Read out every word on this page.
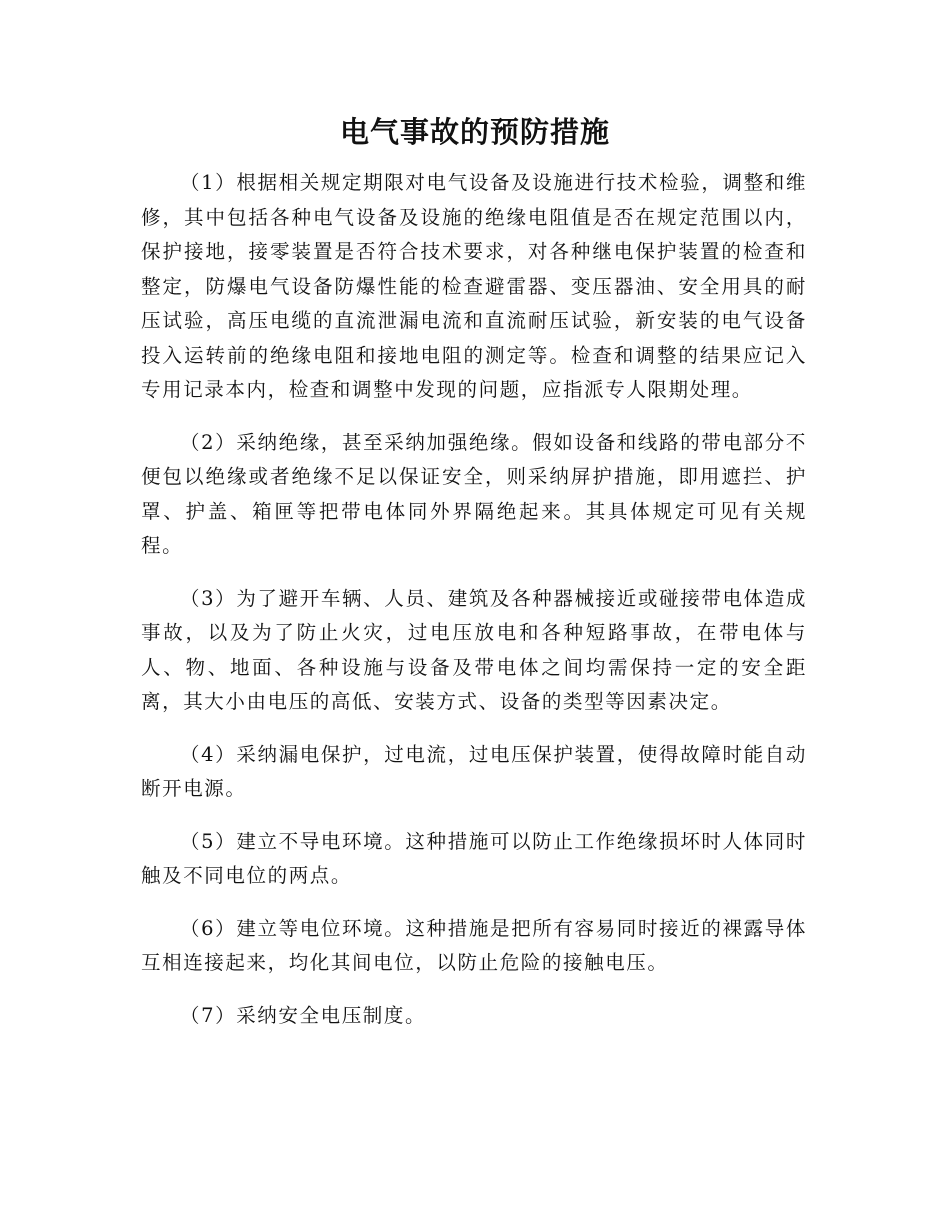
电气事故的预防措施

（1）根据相关规定期限对电气设备及设施进行技术检验，调整和维修，其中包括各种电气设备及设施的绝缘电阻值是否在规定范围以内，保护接地，接零装置是否符合技术要求，对各种继电保护装置的检查和整定，防爆电气设备防爆性能的检查避雷器、变压器油、安全用具的耐压试验，高压电缆的直流泄漏电流和直流耐压试验，新安装的电气设备投入运转前的绝缘电阻和接地电阻的测定等。检查和调整的结果应记入专用记录本内，检查和调整中发现的问题，应指派专人限期处理。

（2）采纳绝缘，甚至采纳加强绝缘。假如设备和线路的带电部分不便包以绝缘或者绝缘不足以保证安全，则采纳屏护措施，即用遮拦、护罩、护盖、箱匣等把带电体同外界隔绝起来。其具体规定可见有关规程。

（3）为了避开车辆、人员、建筑及各种器械接近或碰接带电体造成事故，以及为了防止火灾，过电压放电和各种短路事故，在带电体与人、物、地面、各种设施与设备及带电体之间均需保持一定的安全距离，其大小由电压的高低、安装方式、设备的类型等因素决定。

（4）采纳漏电保护，过电流，过电压保护装置，使得故障时能自动断开电源。

（5）建立不导电环境。这种措施可以防止工作绝缘损坏时人体同时触及不同电位的两点。

（6）建立等电位环境。这种措施是把所有容易同时接近的裸露导体互相连接起来，均化其间电位，以防止危险的接触电压。

（7）采纳安全电压制度。
